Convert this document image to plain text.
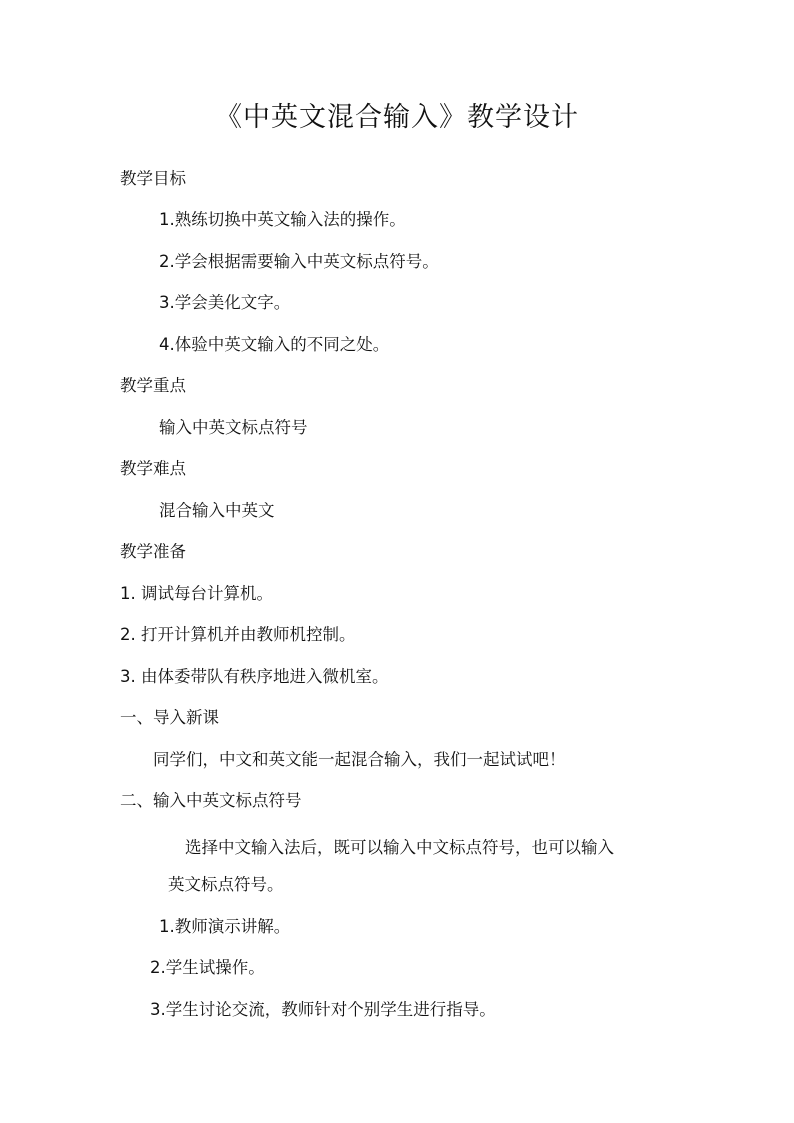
《中英文混合输入》教学设计
教学目标
1.熟练切换中英文输入法的操作。
2.学会根据需要输入中英文标点符号。
3.学会美化文字。
4.体验中英文输入的不同之处。
教学重点
输入中英文标点符号
教学难点
混合输入中英文
教学准备
1. 调试每台计算机。
2. 打开计算机并由教师机控制。
3. 由体委带队有秩序地进入微机室。
一、导入新课
同学们，中文和英文能一起混合输入，我们一起试试吧！
二、输入中英文标点符号
选择中文输入法后，既可以输入中文标点符号，也可以输入
英文标点符号。
1.教师演示讲解。
2.学生试操作。
3.学生讨论交流，教师针对个别学生进行指导。
